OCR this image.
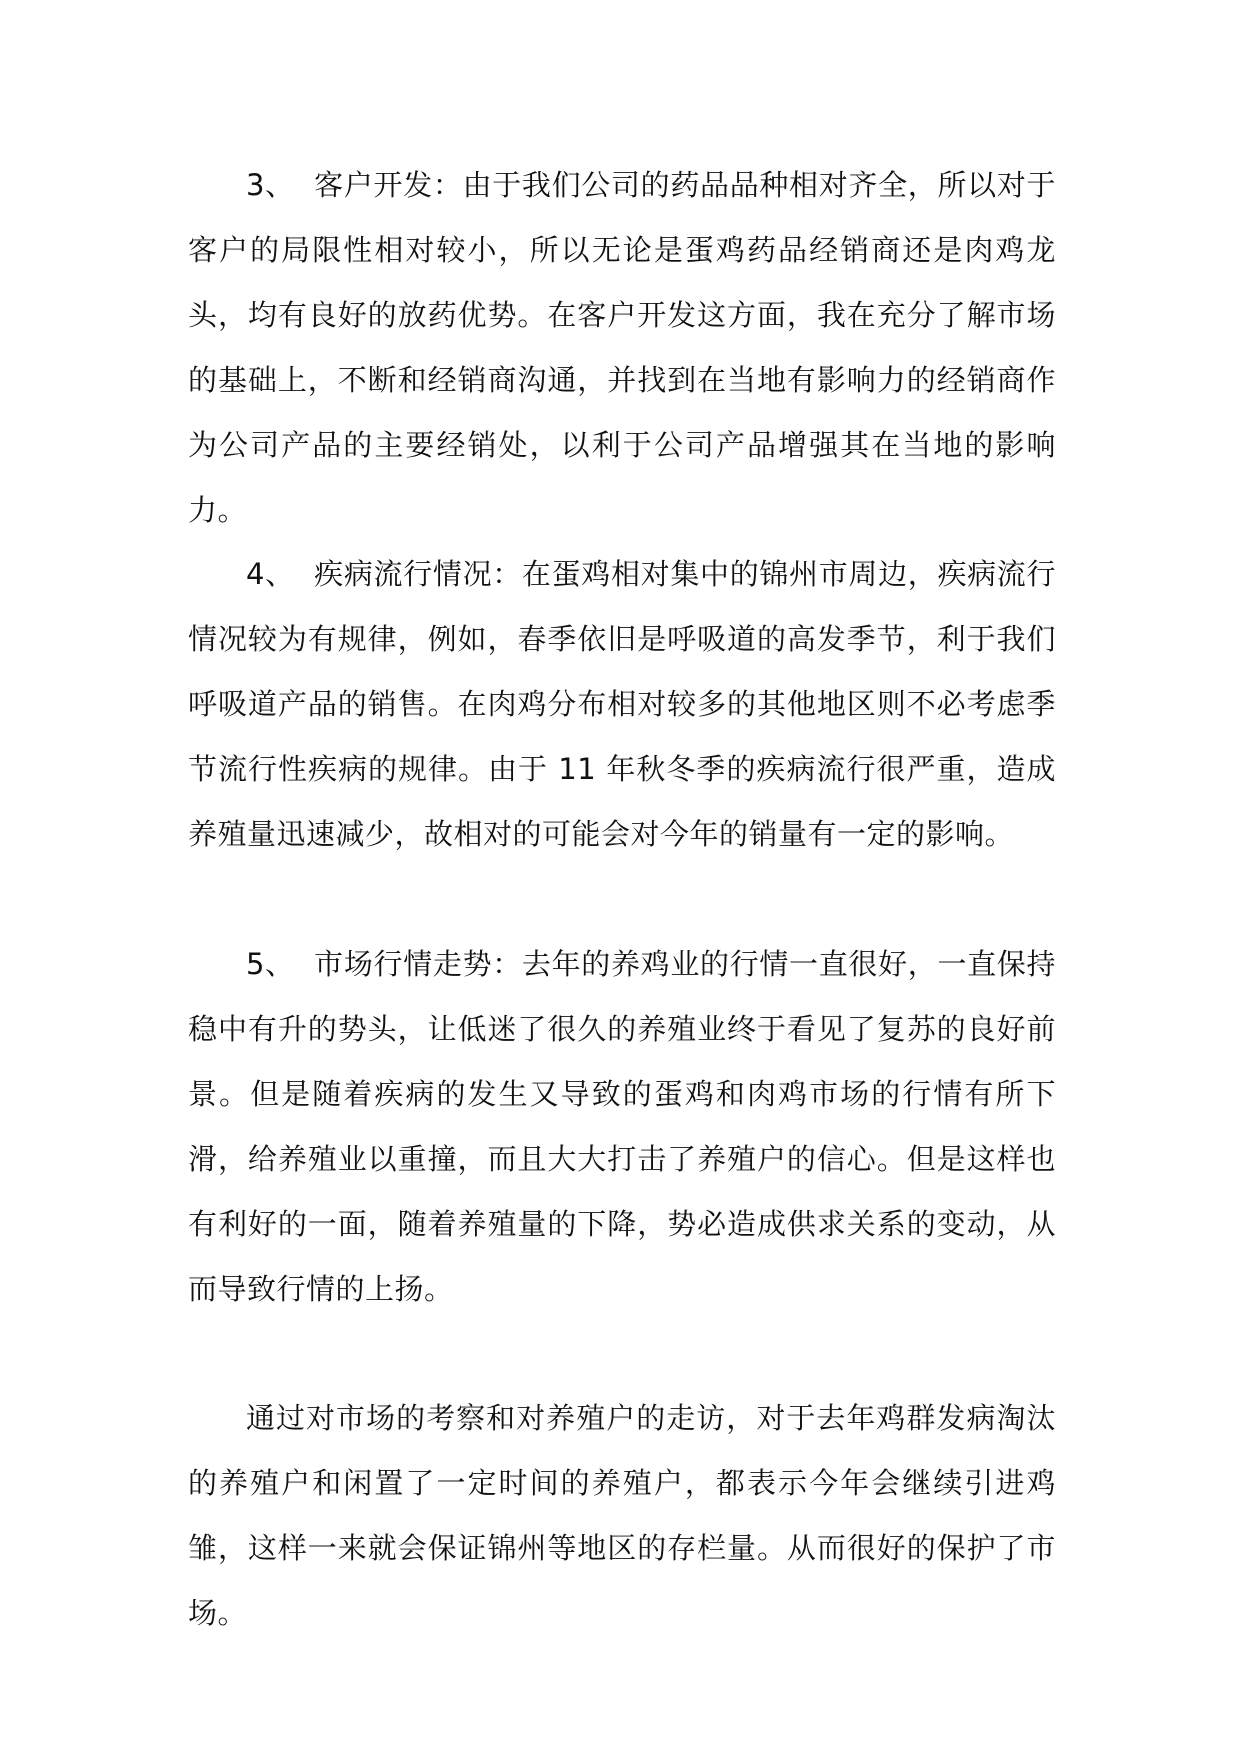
3、 客户开发：由于我们公司的药品品种相对齐全，所以对于客户的局限性相对较小，所以无论是蛋鸡药品经销商还是肉鸡龙头，均有良好的放药优势。在客户开发这方面，我在充分了解市场的基础上，不断和经销商沟通，并找到在当地有影响力的经销商作为公司产品的主要经销处，以利于公司产品增强其在当地的影响力。

4、 疾病流行情况：在蛋鸡相对集中的锦州市周边，疾病流行情况较为有规律，例如，春季依旧是呼吸道的高发季节，利于我们呼吸道产品的销售。在肉鸡分布相对较多的其他地区则不必考虑季节流行性疾病的规律。由于 11 年秋冬季的疾病流行很严重，造成养殖量迅速减少，故相对的可能会对今年的销量有一定的影响。

5、 市场行情走势：去年的养鸡业的行情一直很好，一直保持稳中有升的势头，让低迷了很久的养殖业终于看见了复苏的良好前景。但是随着疾病的发生又导致的蛋鸡和肉鸡市场的行情有所下滑，给养殖业以重撞，而且大大打击了养殖户的信心。但是这样也有利好的一面，随着养殖量的下降，势必造成供求关系的变动，从而导致行情的上扬。

通过对市场的考察和对养殖户的走访，对于去年鸡群发病淘汰的养殖户和闲置了一定时间的养殖户，都表示今年会继续引进鸡雏，这样一来就会保证锦州等地区的存栏量。从而很好的保护了市场。
